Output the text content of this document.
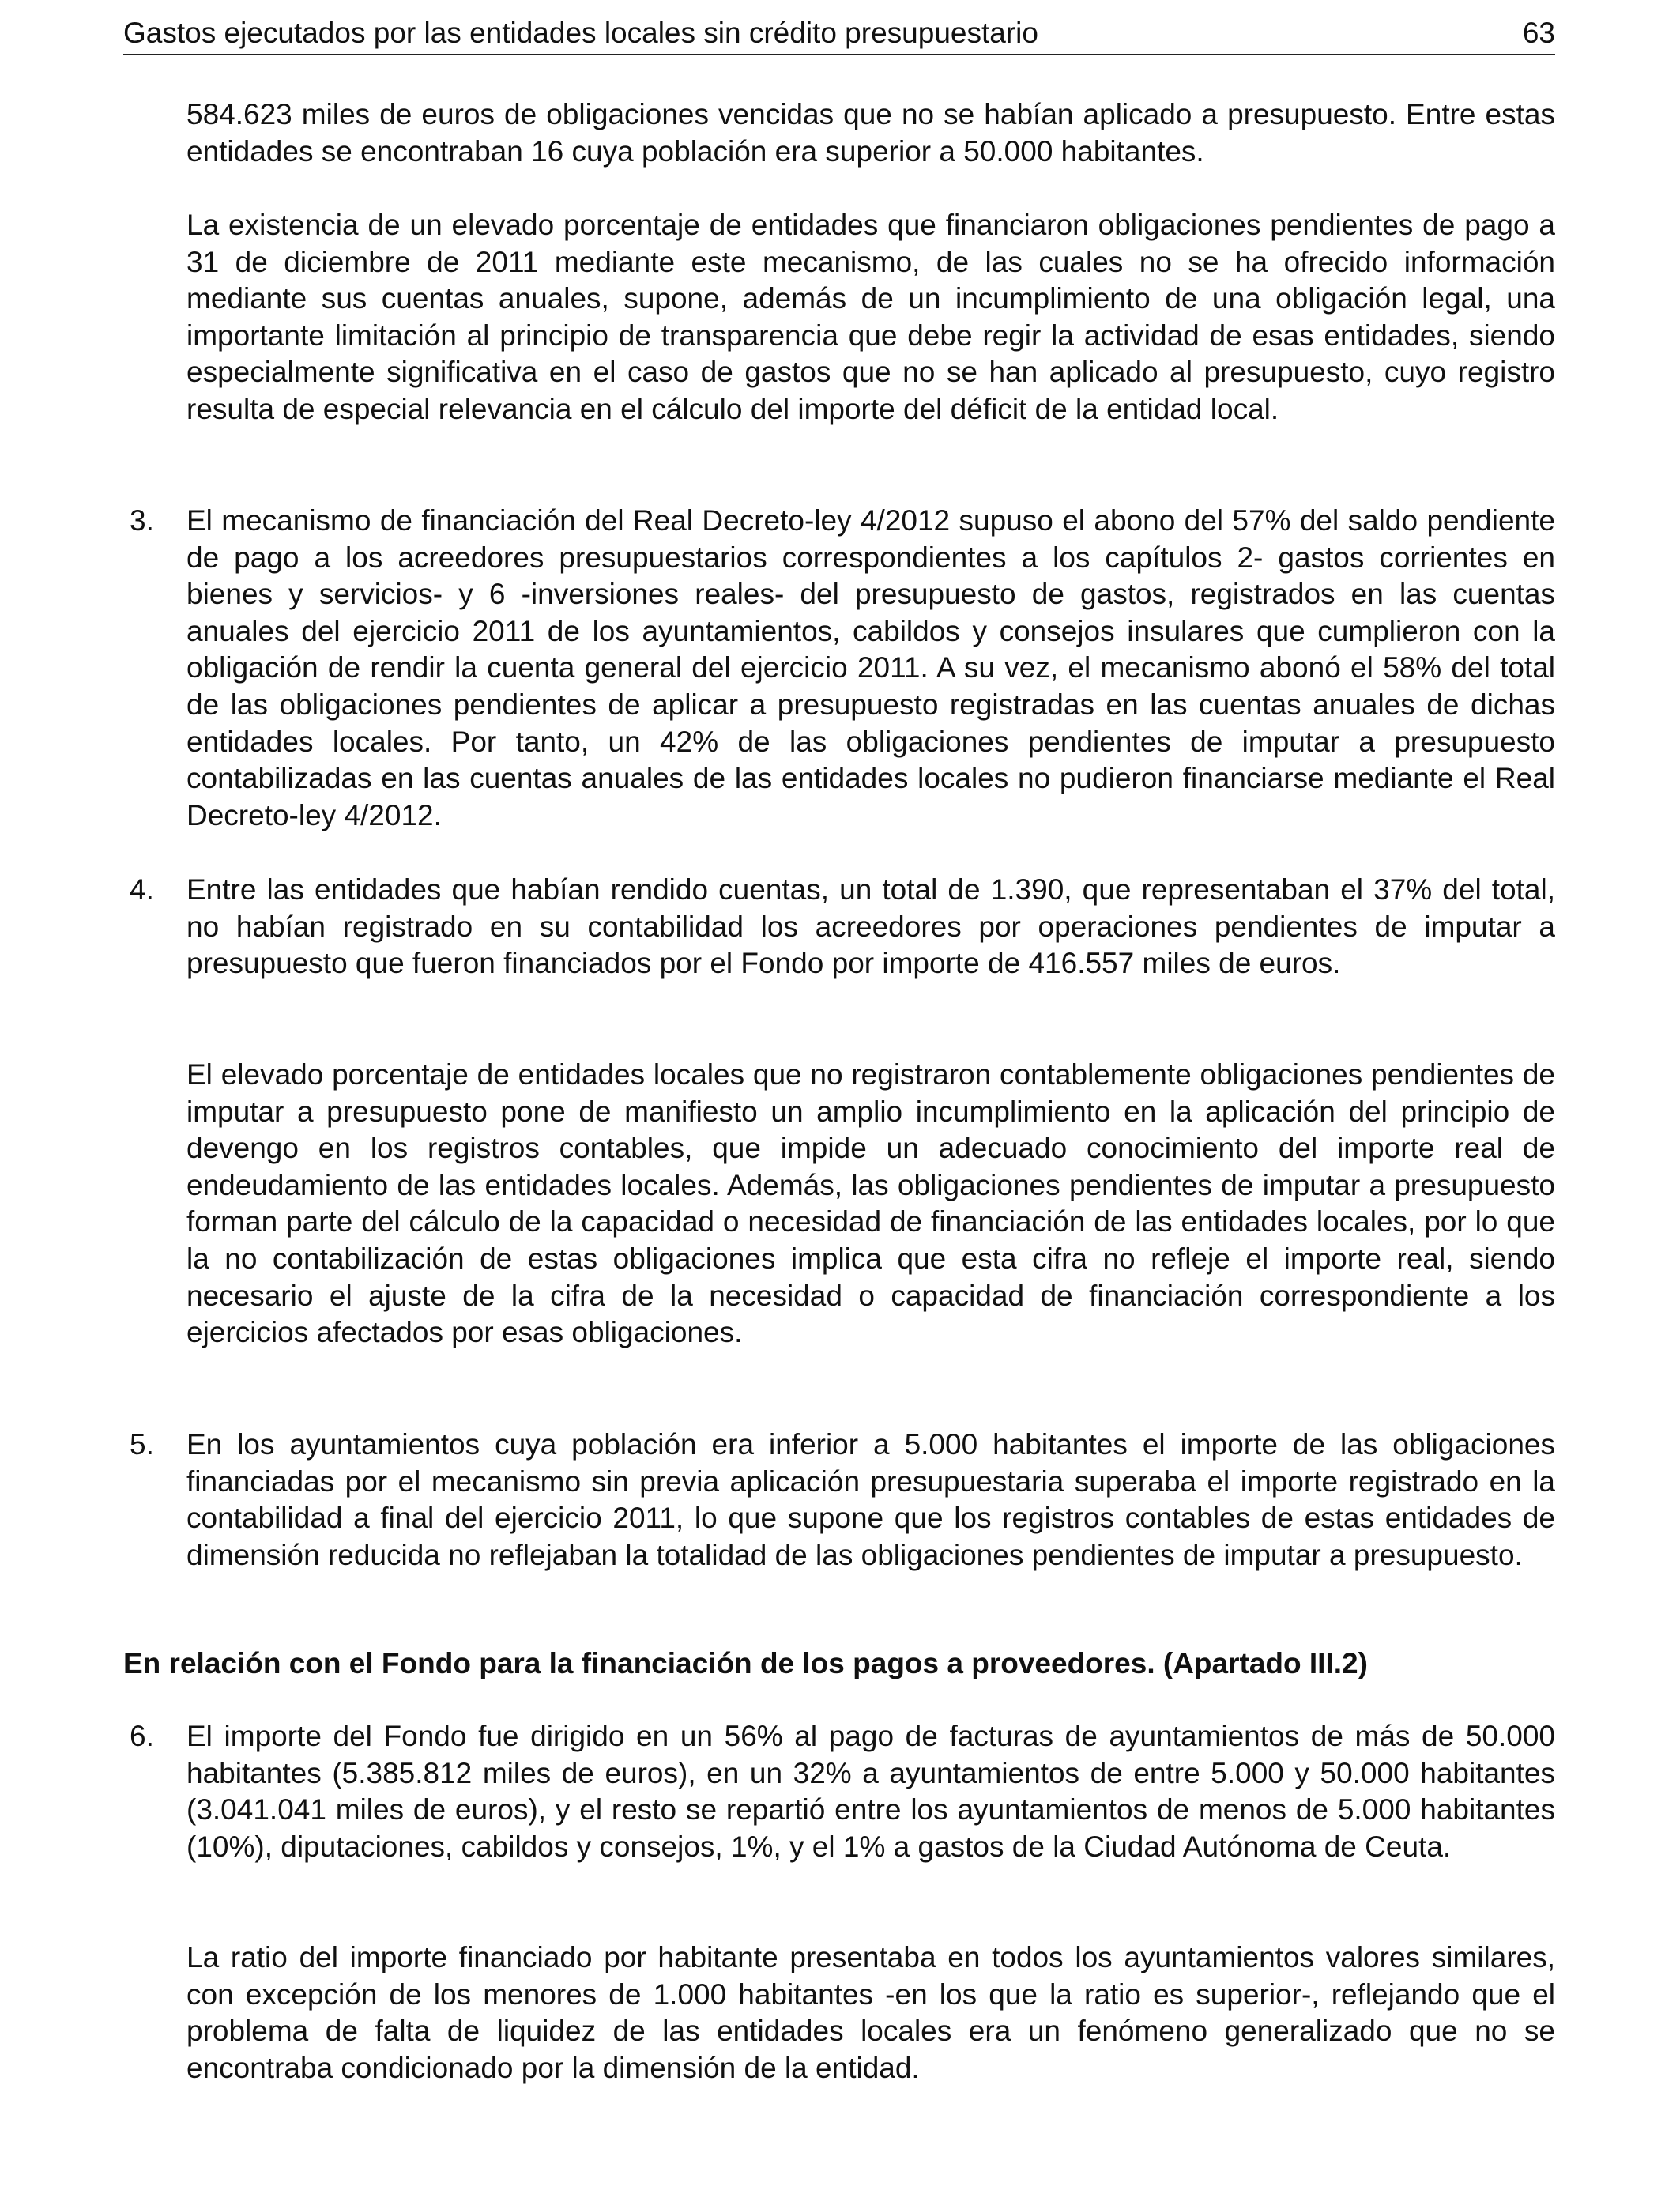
Gastos ejecutados por las entidades locales sin crédito presupuestario	63

584.623 miles de euros de obligaciones vencidas que no se habían aplicado a presupuesto. Entre estas entidades se encontraban 16 cuya población era superior a 50.000 habitantes.

La existencia de un elevado porcentaje de entidades que financiaron obligaciones pendientes de pago a 31 de diciembre de 2011 mediante este mecanismo, de las cuales no se ha ofrecido información mediante sus cuentas anuales, supone, además de un incumplimiento de una obligación legal, una importante limitación al principio de transparencia que debe regir la actividad de esas entidades, siendo especialmente significativa en el caso de gastos que no se han aplicado al presupuesto, cuyo registro resulta de especial relevancia en el cálculo del importe del déficit de la entidad local.

3. El mecanismo de financiación del Real Decreto-ley 4/2012 supuso el abono del 57% del saldo pendiente de pago a los acreedores presupuestarios correspondientes a los capítulos 2- gastos corrientes en bienes y servicios- y 6 -inversiones reales- del presupuesto de gastos, registrados en las cuentas anuales del ejercicio 2011 de los ayuntamientos, cabildos y consejos insulares que cumplieron con la obligación de rendir la cuenta general del ejercicio 2011. A su vez, el mecanismo abonó el 58% del total de las obligaciones pendientes de aplicar a presupuesto registradas en las cuentas anuales de dichas entidades locales. Por tanto, un 42% de las obligaciones pendientes de imputar a presupuesto contabilizadas en las cuentas anuales de las entidades locales no pudieron financiarse mediante el Real Decreto-ley 4/2012.

4. Entre las entidades que habían rendido cuentas, un total de 1.390, que representaban el 37% del total, no habían registrado en su contabilidad los acreedores por operaciones pendientes de imputar a presupuesto que fueron financiados por el Fondo por importe de 416.557 miles de euros.

El elevado porcentaje de entidades locales que no registraron contablemente obligaciones pendientes de imputar a presupuesto pone de manifiesto un amplio incumplimiento en la aplicación del principio de devengo en los registros contables, que impide un adecuado conocimiento del importe real de endeudamiento de las entidades locales. Además, las obligaciones pendientes de imputar a presupuesto forman parte del cálculo de la capacidad o necesidad de financiación de las entidades locales, por lo que la no contabilización de estas obligaciones implica que esta cifra no refleje el importe real, siendo necesario el ajuste de la cifra de la necesidad o capacidad de financiación correspondiente a los ejercicios afectados por esas obligaciones.

5. En los ayuntamientos cuya población era inferior a 5.000 habitantes el importe de las obligaciones financiadas por el mecanismo sin previa aplicación presupuestaria superaba el importe registrado en la contabilidad a final del ejercicio 2011, lo que supone que los registros contables de estas entidades de dimensión reducida no reflejaban la totalidad de las obligaciones pendientes de imputar a presupuesto.

En relación con el Fondo para la financiación de los pagos a proveedores. (Apartado III.2)

6. El importe del Fondo fue dirigido en un 56% al pago de facturas de ayuntamientos de más de 50.000 habitantes (5.385.812 miles de euros), en un 32% a ayuntamientos de entre 5.000 y 50.000 habitantes (3.041.041 miles de euros), y el resto se repartió entre los ayuntamientos de menos de 5.000 habitantes (10%), diputaciones, cabildos y consejos, 1%, y el 1% a gastos de la Ciudad Autónoma de Ceuta.

La ratio del importe financiado por habitante presentaba en todos los ayuntamientos valores similares, con excepción de los menores de 1.000 habitantes -en los que la ratio es superior-, reflejando que el problema de falta de liquidez de las entidades locales era un fenómeno generalizado que no se encontraba condicionado por la dimensión de la entidad.
